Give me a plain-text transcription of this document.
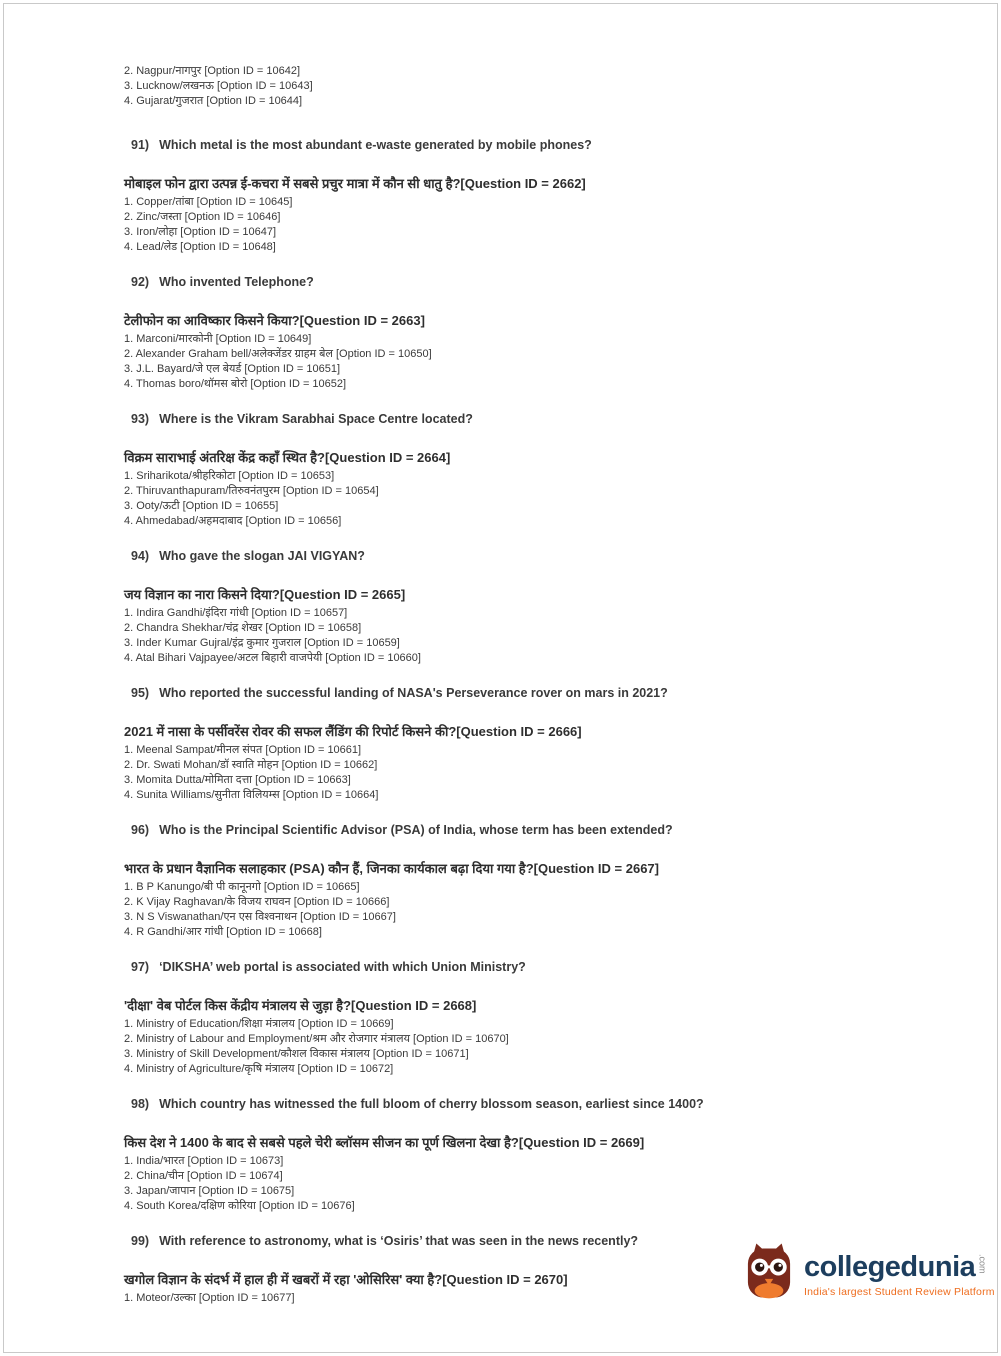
2. Nagpur/नागपुर [Option ID = 10642]
3. Lucknow/लखनऊ [Option ID = 10643]
4. Gujarat/गुजरात [Option ID = 10644]
91) Which metal is the most abundant e-waste generated by mobile phones?
मोबाइल फोन द्वारा उत्पन्न ई-कचरा में सबसे प्रचुर मात्रा में कौन सी धातु है?[Question ID = 2662]
1. Copper/तांबा [Option ID = 10645]
2. Zinc/जस्ता [Option ID = 10646]
3. Iron/लोहा [Option ID = 10647]
4. Lead/लेड [Option ID = 10648]
92) Who invented Telephone?
टेलीफोन का आविष्कार किसने किया?[Question ID = 2663]
1. Marconi/मारकोनी [Option ID = 10649]
2. Alexander Graham bell/अलेक्जेंडर ग्राहम बेल [Option ID = 10650]
3. J.L. Bayard/जे एल बेयर्ड [Option ID = 10651]
4. Thomas boro/थॉमस बोरो [Option ID = 10652]
93) Where is the Vikram Sarabhai Space Centre located?
विक्रम साराभाई अंतरिक्ष केंद्र कहाँ स्थित है?[Question ID = 2664]
1. Sriharikota/श्रीहरिकोटा [Option ID = 10653]
2. Thiruvanthapuram/तिरुवनंतपुरम [Option ID = 10654]
3. Ooty/ऊटी [Option ID = 10655]
4. Ahmedabad/अहमदाबाद [Option ID = 10656]
94) Who gave the slogan JAI VIGYAN?
जय विज्ञान का नारा किसने दिया?[Question ID = 2665]
1. Indira Gandhi/इंदिरा गांधी [Option ID = 10657]
2. Chandra Shekhar/चंद्र शेखर [Option ID = 10658]
3. Inder Kumar Gujral/इंद्र कुमार गुजराल [Option ID = 10659]
4. Atal Bihari Vajpayee/अटल बिहारी वाजपेयी [Option ID = 10660]
95) Who reported the successful landing of NASA's Perseverance rover on mars in 2021?
2021 में नासा के पर्सीवरेंस रोवर की सफल लैंडिंग की रिपोर्ट किसने की?[Question ID = 2666]
1. Meenal Sampat/मीनल संपत [Option ID = 10661]
2. Dr. Swati Mohan/डॉ स्वाति मोहन [Option ID = 10662]
3. Momita Dutta/मोमिता दत्ता [Option ID = 10663]
4. Sunita Williams/सुनीता विलियम्स [Option ID = 10664]
96) Who is the Principal Scientific Advisor (PSA) of India, whose term has been extended?
भारत के प्रधान वैज्ञानिक सलाहकार (PSA) कौन हैं, जिनका कार्यकाल बढ़ा दिया गया है?[Question ID = 2667]
1. B P Kanungo/बी पी कानूनगो [Option ID = 10665]
2. K Vijay Raghavan/के विजय राघवन [Option ID = 10666]
3. N S Viswanathan/एन एस विश्वनाथन [Option ID = 10667]
4. R Gandhi/आर गांधी [Option ID = 10668]
97) ‘DIKSHA’ web portal is associated with which Union Ministry?
'दीक्षा' वेब पोर्टल किस केंद्रीय मंत्रालय से जुड़ा है?[Question ID = 2668]
1. Ministry of Education/शिक्षा मंत्रालय [Option ID = 10669]
2. Ministry of Labour and Employment/श्रम और रोजगार मंत्रालय [Option ID = 10670]
3. Ministry of Skill Development/कौशल विकास मंत्रालय [Option ID = 10671]
4. Ministry of Agriculture/कृषि मंत्रालय [Option ID = 10672]
98) Which country has witnessed the full bloom of cherry blossom season, earliest since 1400?
किस देश ने 1400 के बाद से सबसे पहले चेरी ब्लॉसम सीजन का पूर्ण खिलना देखा है?[Question ID = 2669]
1. India/भारत [Option ID = 10673]
2. China/चीन [Option ID = 10674]
3. Japan/जापान [Option ID = 10675]
4. South Korea/दक्षिण कोरिया [Option ID = 10676]
99) With reference to astronomy, what is ‘Osiris’ that was seen in the news recently?
खगोल विज्ञान के संदर्भ में हाल ही में खबरों में रहा 'ओसिरिस' क्या है?[Question ID = 2670]
1. Moteor/उल्का [Option ID = 10677]
collegedunia .com
India's largest Student Review Platform
